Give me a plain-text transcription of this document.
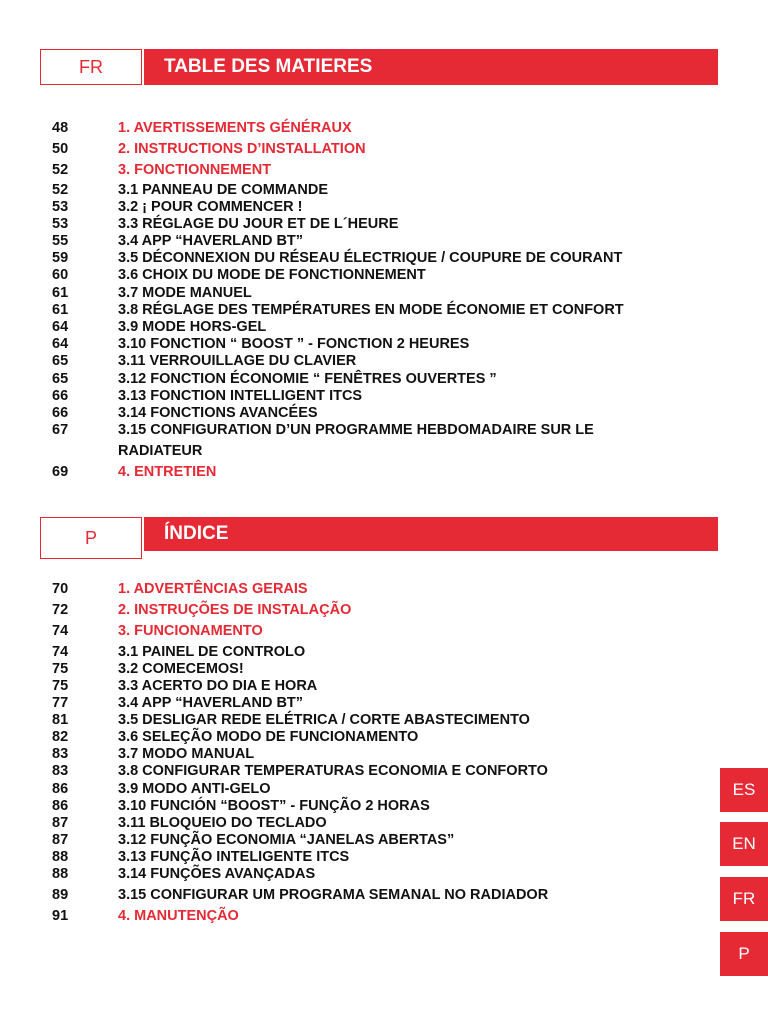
FR	TABLE DES MATIERES
48	1. AVERTISSEMENTS GÉNÉRAUX
50	2. INSTRUCTIONS D’INSTALLATION
52	3. FONCTIONNEMENT
52	3.1 PANNEAU DE COMMANDE
53	3.2 ¡ POUR COMMENCER !
53	3.3 RÉGLAGE DU JOUR ET DE L´HEURE
55	3.4 APP “HAVERLAND BT”
59	3.5 DÉCONNEXION DU RÉSEAU ÉLECTRIQUE / COUPURE DE COURANT
60	3.6 CHOIX DU MODE DE FONCTIONNEMENT
61	3.7 MODE MANUEL
61	3.8 RÉGLAGE DES TEMPÉRATURES EN MODE ÉCONOMIE ET CONFORT
64	3.9 MODE HORS-GEL
64	3.10 FONCTION “ BOOST ” - FONCTION 2 HEURES
65	3.11 VERROUILLAGE DU CLAVIER
65	3.12 FONCTION ÉCONOMIE “ FENÊTRES OUVERTES ”
66	3.13 FONCTION INTELLIGENT ITCS
66	3.14 FONCTIONS AVANCÉES
67	3.15 CONFIGURATION D’UN PROGRAMME HEBDOMADAIRE SUR LE
RADIATEUR
69	4. ENTRETIEN
P	ÍNDICE
70	1. ADVERTÊNCIAS GERAIS
72	2. INSTRUÇÕES DE INSTALAÇÃO
74	3. FUNCIONAMENTO
74	3.1 PAINEL DE CONTROLO
75	3.2 COMECEMOS!
75	3.3 ACERTO DO DIA E HORA
77	3.4 APP “HAVERLAND BT”
81	3.5 DESLIGAR REDE ELÉTRICA / CORTE ABASTECIMENTO
82	3.6 SELEÇÃO MODO DE FUNCIONAMENTO
83	3.7 MODO MANUAL
83	3.8 CONFIGURAR TEMPERATURAS ECONOMIA E CONFORTO
86	3.9 MODO ANTI-GELO
86	3.10 FUNCIÓN “BOOST” - FUNÇÃO 2 HORAS
87	3.11 BLOQUEIO DO TECLADO
87	3.12 FUNÇÃO ECONOMIA “JANELAS ABERTAS”
88	3.13 FUNÇÃO INTELIGENTE ITCS
88	3.14 FUNÇÕES AVANÇADAS
89	3.15 CONFIGURAR UM PROGRAMA SEMANAL NO RADIADOR
91	4. MANUTENÇÃO
ES
EN
FR
P
